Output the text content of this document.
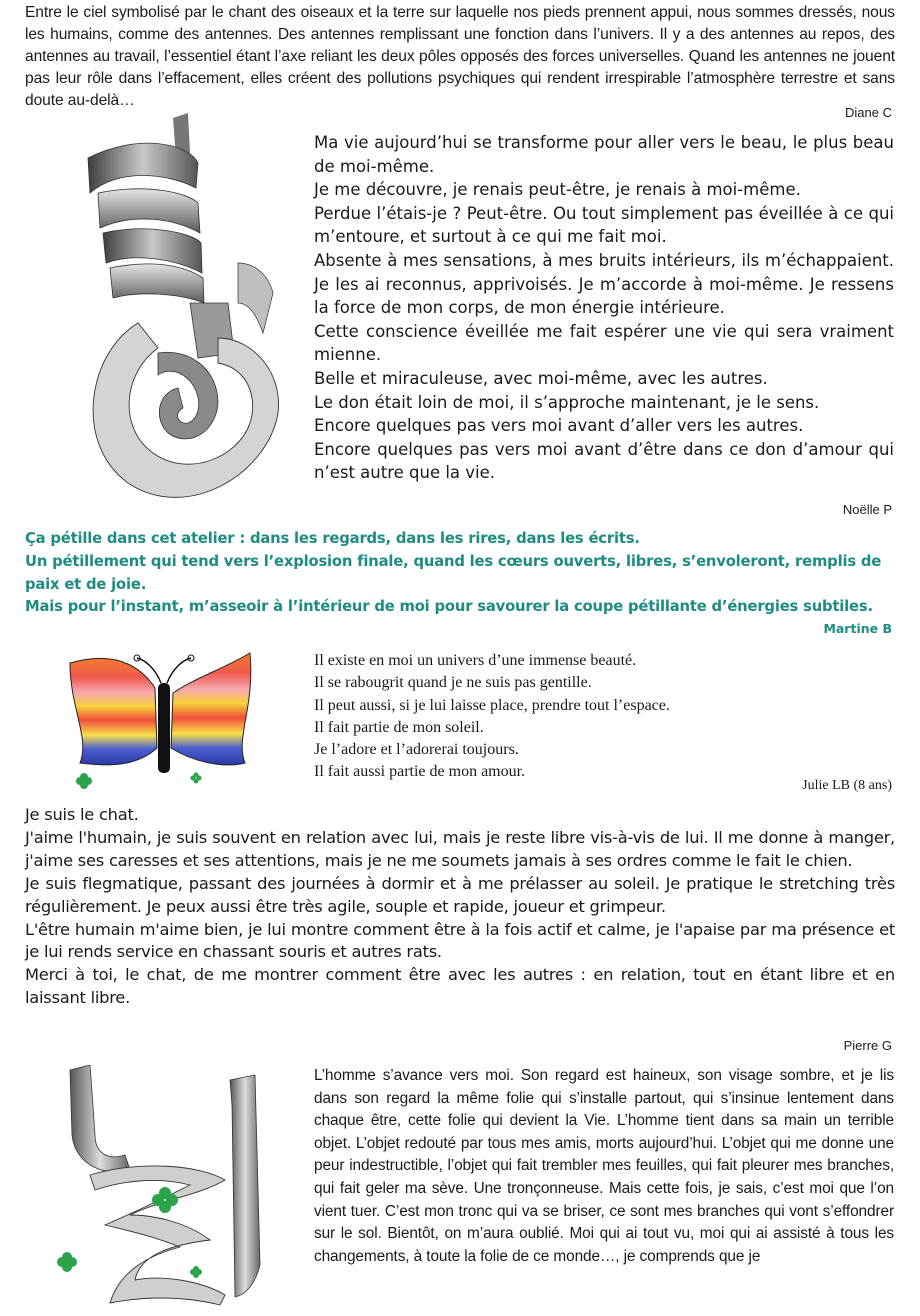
Entre le ciel symbolisé par le chant des oiseaux et la terre sur laquelle nos pieds prennent appui, nous sommes dressés, nous les humains, comme des antennes. Des antennes remplissant une fonction dans l’univers. Il y a des antennes au repos, des antennes au travail, l’essentiel étant l’axe reliant les deux pôles opposés des forces universelles. Quand les antennes ne jouent pas leur rôle dans l’effacement, elles créent des pollutions psychiques qui rendent irrespirable l’atmosphère terrestre et sans doute au-delà…

Diane C

Ma vie aujourd’hui se transforme pour aller vers le beau, le plus beau de moi-même.

Je me découvre, je renais peut-être, je renais à moi-même.

Perdue l’étais-je ? Peut-être. Ou tout simplement pas éveillée à ce qui m’entoure, et surtout à ce qui me fait moi.

Absente à mes sensations, à mes bruits intérieurs, ils m’échappaient. Je les ai reconnus, apprivoisés. Je m’accorde à moi-même. Je ressens la force de mon corps, de mon énergie intérieure.

Cette conscience éveillée me fait espérer une vie qui sera vraiment mienne.

Belle et miraculeuse, avec moi-même, avec les autres.

Le don était loin de moi, il s’approche maintenant, je le sens.

Encore quelques pas vers moi avant d’aller vers les autres.

Encore quelques pas vers moi avant d’être dans ce don d’amour qui n’est autre que la vie.

Noëlle P

Ça pétille dans cet atelier : dans les regards, dans les rires, dans les écrits.

Un pétillement qui tend vers l’explosion finale, quand les cœurs ouverts, libres, s’envoleront, remplis de paix et de joie.

Mais pour l’instant, m’asseoir à l’intérieur de moi pour savourer la coupe pétillante d’énergies subtiles.

Martine B

Il existe en moi un univers d’une immense beauté.

Il se rabougrit quand je ne suis pas gentille.

Il peut aussi, si je lui laisse place, prendre tout l’espace.

Il fait partie de mon soleil.

Je l’adore et l’adorerai toujours.

Il fait aussi partie de mon amour.

Julie LB (8 ans)

Je suis le chat.

J'aime l'humain, je suis souvent en relation avec lui, mais je reste libre vis-à-vis de lui. Il me donne à manger, j'aime ses caresses et ses attentions, mais je ne me soumets jamais à ses ordres comme le fait le chien.

Je suis flegmatique, passant des journées à dormir et à me prélasser au soleil. Je pratique le stretching très régulièrement. Je peux aussi être très agile, souple et rapide, joueur et grimpeur.

L'être humain m'aime bien, je lui montre comment être à la fois actif et calme, je l'apaise par ma présence et je lui rends service en chassant souris et autres rats.

Merci à toi, le chat, de me montrer comment être avec les autres : en relation, tout en étant libre et en laissant libre.

Pierre G

L’homme s’avance vers moi. Son regard est haineux, son visage sombre, et je lis dans son regard la même folie qui s’installe partout, qui s’insinue lentement dans chaque être, cette folie qui devient la Vie. L’homme tient dans sa main un terrible objet. L’objet redouté par tous mes amis, morts aujourd’hui. L’objet qui me donne une peur indestructible, l’objet qui fait trembler mes feuilles, qui fait pleurer mes branches, qui fait geler ma sève. Une tronçonneuse. Mais cette fois, je sais, c’est moi que l’on vient tuer. C’est mon tronc qui va se briser, ce sont mes branches qui vont s’effondrer sur le sol. Bientôt, on m’aura oublié. Moi qui ai tout vu, moi qui ai assisté à tous les changements, à toute la folie de ce monde…, je comprends que je
